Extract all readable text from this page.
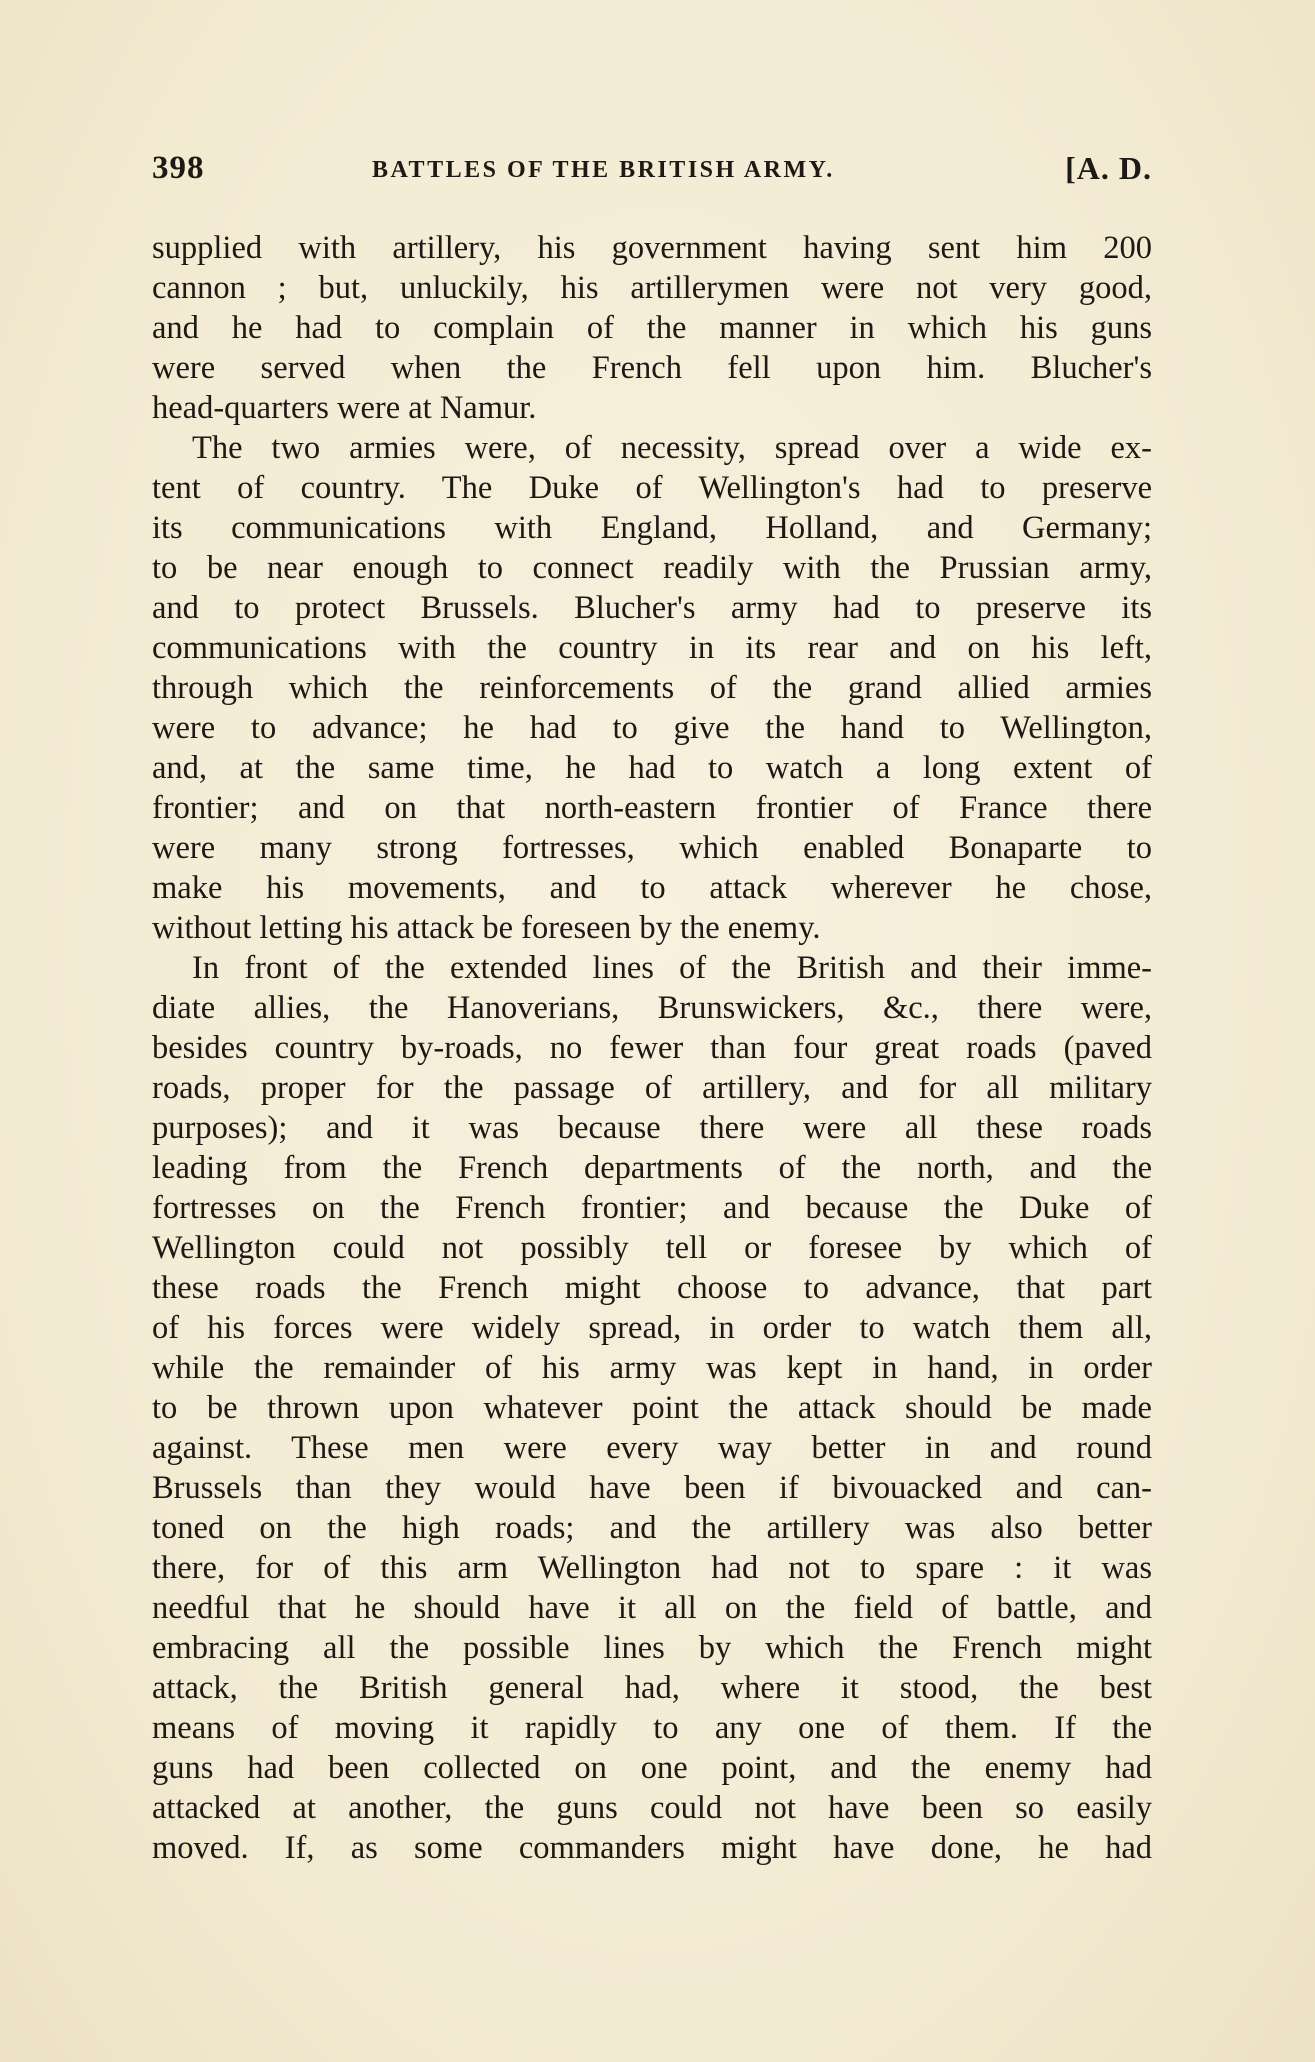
398	BATTLES OF THE BRITISH ARMY.	[A. D.
supplied with artillery, his government having sent him 200
cannon ; but, unluckily, his artillerymen were not very good,
and he had to complain of the manner in which his guns
were served when the French fell upon him. Blucher's
head-quarters were at Namur.
The two armies were, of necessity, spread over a wide ex-
tent of country. The Duke of Wellington's had to preserve
its communications with England, Holland, and Germany;
to be near enough to connect readily with the Prussian army,
and to protect Brussels. Blucher's army had to preserve its
communications with the country in its rear and on his left,
through which the reinforcements of the grand allied armies
were to advance; he had to give the hand to Wellington,
and, at the same time, he had to watch a long extent of
frontier; and on that north-eastern frontier of France there
were many strong fortresses, which enabled Bonaparte to
make his movements, and to attack wherever he chose,
without letting his attack be foreseen by the enemy.
In front of the extended lines of the British and their imme-
diate allies, the Hanoverians, Brunswickers, &c., there were,
besides country by-roads, no fewer than four great roads (paved
roads, proper for the passage of artillery, and for all military
purposes); and it was because there were all these roads
leading from the French departments of the north, and the
fortresses on the French frontier; and because the Duke of
Wellington could not possibly tell or foresee by which of
these roads the French might choose to advance, that part
of his forces were widely spread, in order to watch them all,
while the remainder of his army was kept in hand, in order
to be thrown upon whatever point the attack should be made
against. These men were every way better in and round
Brussels than they would have been if bivouacked and can-
toned on the high roads; and the artillery was also better
there, for of this arm Wellington had not to spare : it was
needful that he should have it all on the field of battle, and
embracing all the possible lines by which the French might
attack, the British general had, where it stood, the best
means of moving it rapidly to any one of them. If the
guns had been collected on one point, and the enemy had
attacked at another, the guns could not have been so easily
moved. If, as some commanders might have done, he had
